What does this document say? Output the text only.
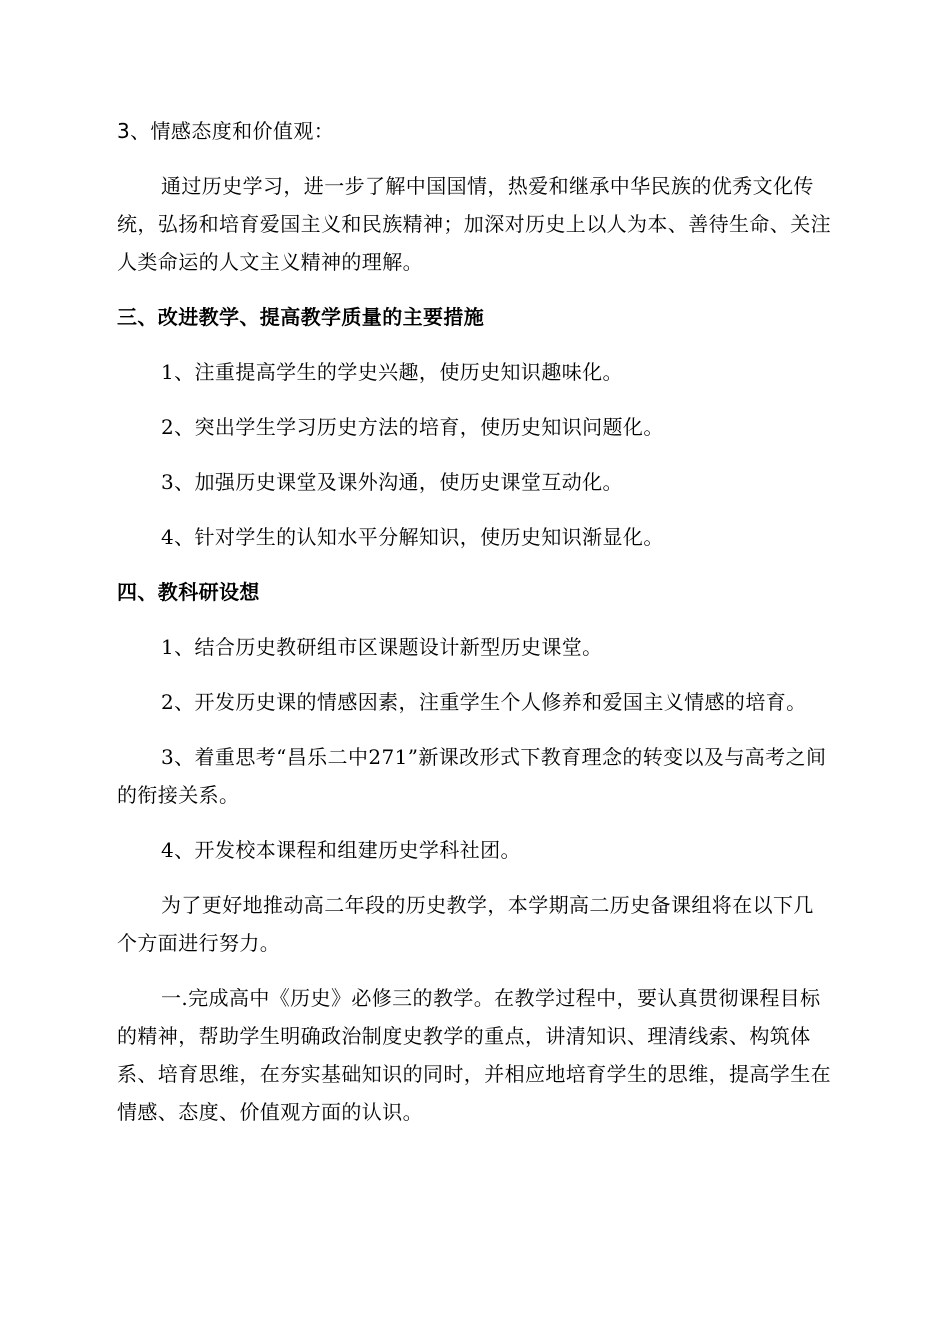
3、情感态度和价值观：

通过历史学习，进一步了解中国国情，热爱和继承中华民族的优秀文化传统，弘扬和培育爱国主义和民族精神；加深对历史上以人为本、善待生命、关注人类命运的人文主义精神的理解。

三、改进教学、提高教学质量的主要措施

1、注重提高学生的学史兴趣，使历史知识趣味化。

2、突出学生学习历史方法的培育，使历史知识问题化。

3、加强历史课堂及课外沟通，使历史课堂互动化。

4、针对学生的认知水平分解知识，使历史知识渐显化。

四、教科研设想

1、结合历史教研组市区课题设计新型历史课堂。

2、开发历史课的情感因素，注重学生个人修养和爱国主义情感的培育。

3、着重思考“昌乐二中271”新课改形式下教育理念的转变以及与高考之间的衔接关系。

4、开发校本课程和组建历史学科社团。

为了更好地推动高二年段的历史教学，本学期高二历史备课组将在以下几个方面进行努力。

一.完成高中《历史》必修三的教学。在教学过程中，要认真贯彻课程目标的精神，帮助学生明确政治制度史教学的重点，讲清知识、理清线索、构筑体系、培育思维，在夯实基础知识的同时，并相应地培育学生的思维，提高学生在情感、态度、价值观方面的认识。
